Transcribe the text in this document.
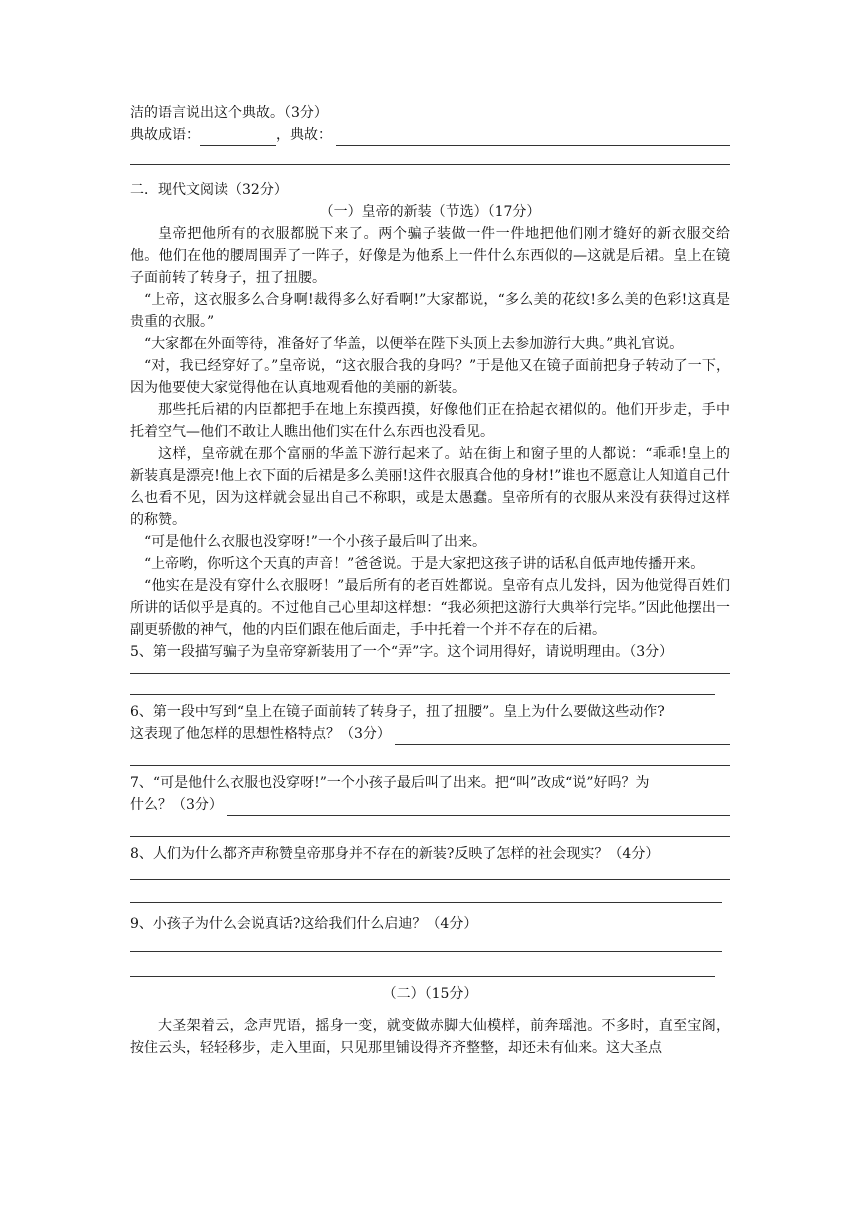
洁的语言说出这个典故。（3分）
典故成语：	，典故：
二．现代文阅读（32分）
（一）皇帝的新装（节选）（17分）
皇帝把他所有的衣服都脱下来了。两个骗子装做一件一件地把他们刚才缝好的新衣服交给他。他们在他的腰周围弄了一阵子，好像是为他系上一件什么东西似的—这就是后裙。皇上在镜子面前转了转身子，扭了扭腰。
“上帝，这衣服多么合身啊!裁得多么好看啊!”大家都说，“多么美的花纹!多么美的色彩!这真是贵重的衣服。”
“大家都在外面等待，准备好了华盖，以便举在陛下头顶上去参加游行大典。”典礼官说。
“对，我已经穿好了。”皇帝说，“这衣服合我的身吗？”于是他又在镜子面前把身子转动了一下，因为他要使大家觉得他在认真地观看他的美丽的新装。
那些托后裙的内臣都把手在地上东摸西摸，好像他们正在拾起衣裙似的。他们开步走，手中托着空气—他们不敢让人瞧出他们实在什么东西也没看见。
这样，皇帝就在那个富丽的华盖下游行起来了。站在街上和窗子里的人都说：“乖乖!皇上的新装真是漂亮!他上衣下面的后裙是多么美丽!这件衣服真合他的身材!”谁也不愿意让人知道自己什么也看不见，因为这样就会显出自己不称职，或是太愚蠢。皇帝所有的衣服从来没有获得过这样的称赞。
“可是他什么衣服也没穿呀!”一个小孩子最后叫了出来。
“上帝哟，你听这个天真的声音！”爸爸说。于是大家把这孩子讲的话私自低声地传播开来。
“他实在是没有穿什么衣服呀！”最后所有的老百姓都说。皇帝有点儿发抖，因为他觉得百姓们所讲的话似乎是真的。不过他自己心里却这样想：“我必须把这游行大典举行完毕。”因此他摆出一副更骄傲的神气，他的内臣们跟在他后面走，手中托着一个并不存在的后裙。
5、第一段描写骗子为皇帝穿新装用了一个“弄”字。这个词用得好，请说明理由。（3分）
6、第一段中写到“皇上在镜子面前转了转身子，扭了扭腰”。皇上为什么要做这些动作?
这表现了他怎样的思想性格特点？（3分）
7、“可是他什么衣服也没穿呀!”一个小孩子最后叫了出来。把“叫”改成“说”好吗？为
什么？（3分）
8、人们为什么都齐声称赞皇帝那身并不存在的新装?反映了怎样的社会现实？（4分）
9、小孩子为什么会说真话?这给我们什么启迪？（4分）
（二）（15分）
大圣架着云，念声咒语，摇身一变，就变做赤脚大仙模样，前奔瑶池。不多时，直至宝阁，按住云头，轻轻移步，走入里面，只见那里铺设得齐齐整整，却还未有仙来。这大圣点
